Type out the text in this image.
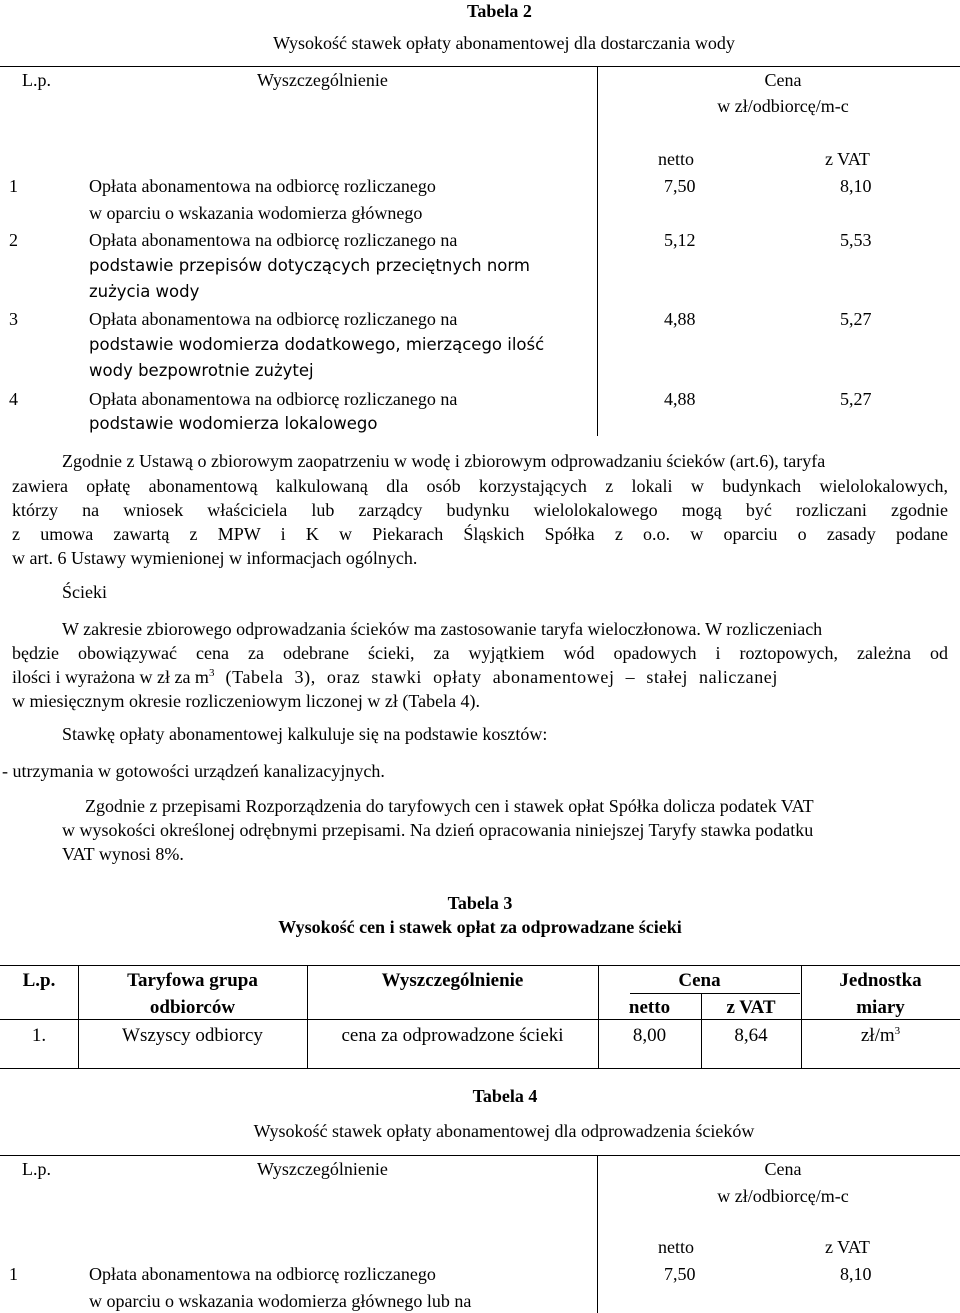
Tabela 2
Wysokość stawek opłaty abonamentowej dla dostarczania wody
L.p.	Wyszczególnienie	Cena
w zł/odbiorcę/m-c
netto	z VAT
1	Opłata abonamentowa na odbiorcę rozliczanego
w oparciu o wskazania wodomierza głównego
7,50	8,10
2	Opłata abonamentowa na odbiorcę rozliczanego na
podstawie przepisów dotyczących przeciętnych norm
zużycia wody
5,12	5,53
3	Opłata abonamentowa na odbiorcę rozliczanego na
podstawie wodomierza dodatkowego, mierzącego ilość
wody bezpowrotnie zużytej
4,88	5,27
4	Opłata abonamentowa na odbiorcę rozliczanego na
podstawie wodomierza lokalowego
4,88	5,27
Zgodnie z Ustawą o zbiorowym zaopatrzeniu w wodę i zbiorowym odprowadzaniu ścieków (art.6), taryfa
zawiera opłatę abonamentową kalkulowaną dla osób korzystających z lokali w budynkach wielolokalowych,
którzy na wniosek właściciela lub zarządcy budynku wielolokalowego mogą być rozliczani zgodnie
z umowa zawartą z MPW i K w Piekarach Śląskich Spółka z o.o. w oparciu o zasady podane
w art. 6 Ustawy wymienionej w informacjach ogólnych.
Ścieki
W zakresie zbiorowego odprowadzania ścieków ma zastosowanie taryfa wieloczłonowa. W rozliczeniach
będzie obowiązywać cena za odebrane ścieki, za wyjątkiem wód opadowych i roztopowych, zależna od
ilości i wyrażona w zł za $m^3$ (Tabela 3), oraz stawki opłaty abonamentowej – stałej naliczanej
w miesięcznym okresie rozliczeniowym liczonej w zł (Tabela 4).
Stawkę opłaty abonamentowej kalkuluje się na podstawie kosztów:
- utrzymania w gotowości urządzeń kanalizacyjnych.
Zgodnie z przepisami Rozporządzenia do taryfowych cen i stawek opłat Spółka dolicza podatek VAT
w wysokości określonej odrębnymi przepisami. Na dzień opracowania niniejszej Taryfy stawka podatku
VAT wynosi 8%.
Tabela 3
Wysokość cen i stawek opłat za odprowadzane ścieki
L.p.	Taryfowa grupa
odbiorców
Wyszczególnienie	Cena
netto	z VAT
Jednostka
miary
1.	Wszyscy odbiorcy	cena za odprowadzone ścieki	8,00	8,64	$zł/m^3$
Tabela 4
Wysokość stawek opłaty abonamentowej dla odprowadzenia ścieków
L.p.	Wyszczególnienie	Cena
w zł/odbiorcę/m-c
netto	z VAT
1	Opłata abonamentowa na odbiorcę rozliczanego
w oparciu o wskazania wodomierza głównego lub na
7,50	8,10
